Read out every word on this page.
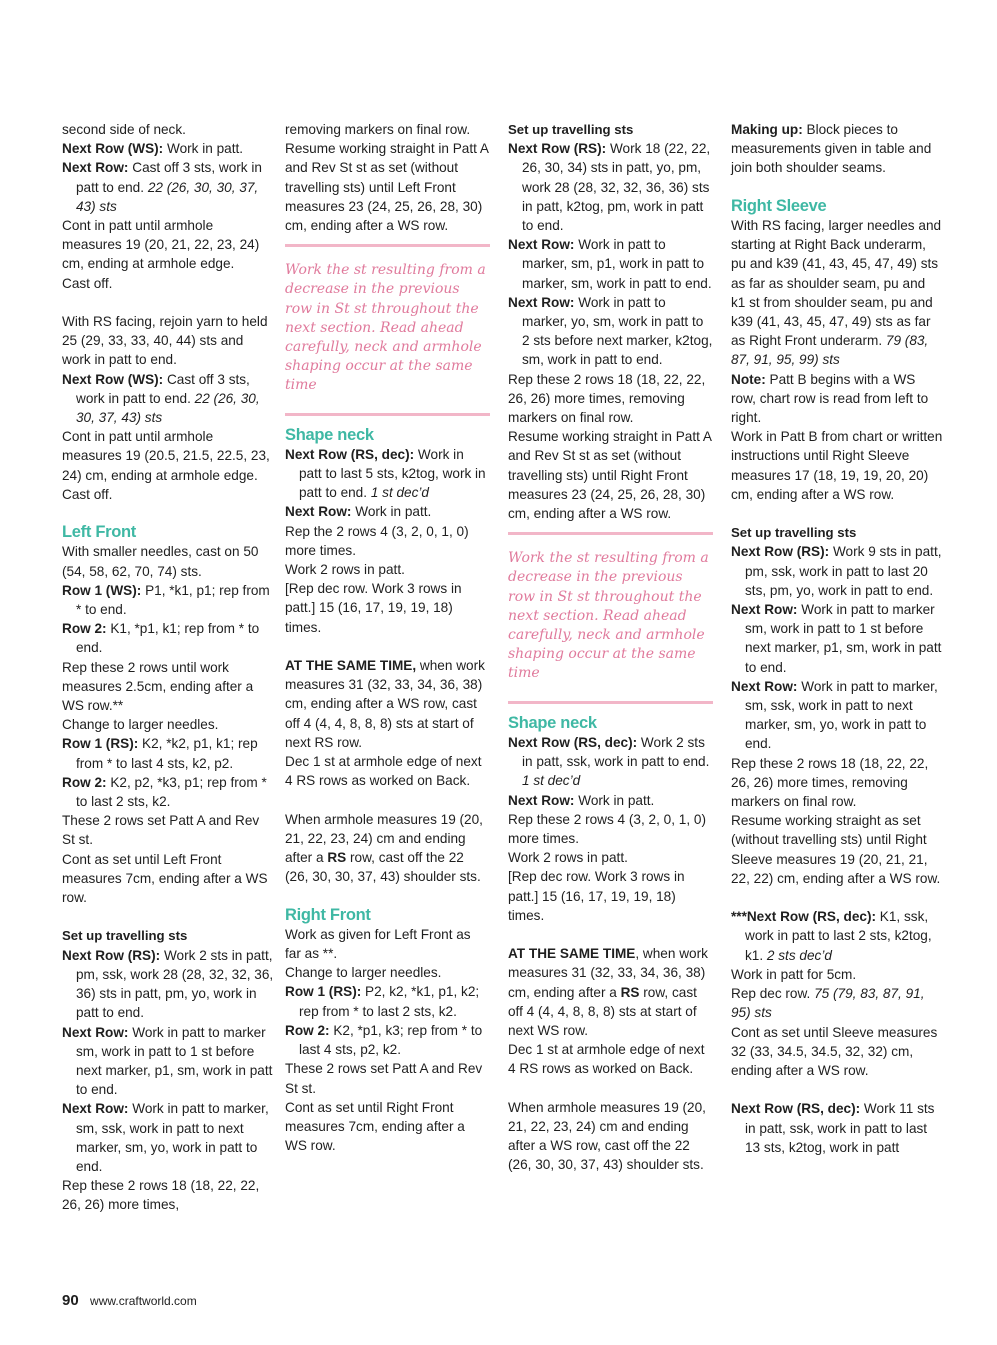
second side of neck.
Next Row (WS): Work in patt.
Next Row: Cast off 3 sts, work in patt to end. 22 (26, 30, 30, 37, 43) sts
Cont in patt until armhole measures 19 (20, 21, 22, 23, 24) cm, ending at armhole edge.
Cast off.
With RS facing, rejoin yarn to held 25 (29, 33, 33, 40, 44) sts and work in patt to end.
Next Row (WS): Cast off 3 sts, work in patt to end. 22 (26, 30, 30, 37, 43) sts
Cont in patt until armhole measures 19 (20.5, 21.5, 22.5, 23, 24) cm, ending at armhole edge.
Cast off.
Left Front
With smaller needles, cast on 50 (54, 58, 62, 70, 74) sts.
Row 1 (WS): P1, *k1, p1; rep from * to end.
Row 2: K1, *p1, k1; rep from * to end.
Rep these 2 rows until work measures 2.5cm, ending after a WS row.**
Change to larger needles.
Row 1 (RS): K2, *k2, p1, k1; rep from * to last 4 sts, k2, p2.
Row 2: K2, p2, *k3, p1; rep from * to last 2 sts, k2.
These 2 rows set Patt A and Rev St st.
Cont as set until Left Front measures 7cm, ending after a WS row.
Set up travelling sts
Next Row (RS): Work 2 sts in patt, pm, ssk, work 28 (28, 32, 32, 36, 36) sts in patt, pm, yo, work in patt to end.
Next Row: Work in patt to marker sm, work in patt to 1 st before next marker, p1, sm, work in patt to end.
Next Row: Work in patt to marker, sm, ssk, work in patt to next marker, sm, yo, work in patt to end.
Rep these 2 rows 18 (18, 22, 22, 26, 26) more times,
removing markers on final row.
Resume working straight in Patt A and Rev St st as set (without travelling sts) until Left Front measures 23 (24, 25, 26, 28, 30) cm, ending after a WS row.
Work the st resulting from a decrease in the previous row in St st throughout the next section. Read ahead carefully, neck and armhole shaping occur at the same time
Shape neck
Next Row (RS, dec): Work in patt to last 5 sts, k2tog, work in patt to end. 1 st dec’d
Next Row: Work in patt.
Rep the 2 rows 4 (3, 2, 0, 1, 0) more times.
Work 2 rows in patt.
[Rep dec row. Work 3 rows in patt.] 15 (16, 17, 19, 19, 18) times.
AT THE SAME TIME, when work measures 31 (32, 33, 34, 36, 38) cm, ending after a WS row, cast off 4 (4, 4, 8, 8, 8) sts at start of next RS row.
Dec 1 st at armhole edge of next 4 RS rows as worked on Back.
When armhole measures 19 (20, 21, 22, 23, 24) cm and ending after a RS row, cast off the 22 (26, 30, 30, 37, 43) shoulder sts.
Right Front
Work as given for Left Front as far as **.
Change to larger needles.
Row 1 (RS): P2, k2, *k1, p1, k2; rep from * to last 2 sts, k2.
Row 2: K2, *p1, k3; rep from * to last 4 sts, p2, k2.
These 2 rows set Patt A and Rev St st.
Cont as set until Right Front measures 7cm, ending after a WS row.
Set up travelling sts
Next Row (RS): Work 18 (22, 22, 26, 30, 34) sts in patt, yo, pm, work 28 (28, 32, 32, 36, 36) sts in patt, k2tog, pm, work in patt to end.
Next Row: Work in patt to marker, sm, p1, work in patt to marker, sm, work in patt to end.
Next Row: Work in patt to marker, yo, sm, work in patt to 2 sts before next marker, k2tog, sm, work in patt to end.
Rep these 2 rows 18 (18, 22, 22, 26, 26) more times, removing markers on final row.
Resume working straight in Patt A and Rev St st as set (without travelling sts) until Right Front measures 23 (24, 25, 26, 28, 30) cm, ending after a WS row.
Work the st resulting from a decrease in the previous row in St st throughout the next section. Read ahead carefully, neck and armhole shaping occur at the same time
Shape neck
Next Row (RS, dec): Work 2 sts in patt, ssk, work in patt to end. 1 st dec’d
Next Row: Work in patt.
Rep these 2 rows 4 (3, 2, 0, 1, 0) more times.
Work 2 rows in patt.
[Rep dec row. Work 3 rows in patt.] 15 (16, 17, 19, 19, 18) times.
AT THE SAME TIME, when work measures 31 (32, 33, 34, 36, 38) cm, ending after a RS row, cast off 4 (4, 4, 8, 8, 8) sts at start of next WS row.
Dec 1 st at armhole edge of next 4 RS rows as worked on Back.
When armhole measures 19 (20, 21, 22, 23, 24) cm and ending after a WS row, cast off the 22 (26, 30, 30, 37, 43) shoulder sts.
Making up: Block pieces to measurements given in table and join both shoulder seams.
Right Sleeve
With RS facing, larger needles and starting at Right Back underarm, pu and k39 (41, 43, 45, 47, 49) sts as far as shoulder seam, pu and k1 st from shoulder seam, pu and k39 (41, 43, 45, 47, 49) sts as far as Right Front underarm. 79 (83, 87, 91, 95, 99) sts
Note: Patt B begins with a WS row, chart row is read from left to right.
Work in Patt B from chart or written instructions until Right Sleeve measures 17 (18, 19, 19, 20, 20) cm, ending after a WS row.
Set up travelling sts
Next Row (RS): Work 9 sts in patt, pm, ssk, work in patt to last 20 sts, pm, yo, work in patt to end.
Next Row: Work in patt to marker sm, work in patt to 1 st before next marker, p1, sm, work in patt to end.
Next Row: Work in patt to marker, sm, ssk, work in patt to next marker, sm, yo, work in patt to end.
Rep these 2 rows 18 (18, 22, 22, 26, 26) more times, removing markers on final row.
Resume working straight as set (without travelling sts) until Right Sleeve measures 19 (20, 21, 21, 22, 22) cm, ending after a WS row.
***Next Row (RS, dec): K1, ssk, work in patt to last 2 sts, k2tog, k1. 2 sts dec’d
Work in patt for 5cm.
Rep dec row. 75 (79, 83, 87, 91, 95) sts
Cont as set until Sleeve measures 32 (33, 34.5, 34.5, 32, 32) cm, ending after a WS row.
Next Row (RS, dec): Work 11 sts in patt, ssk, work in patt to last 13 sts, k2tog, work in patt
90 www.craftworld.com
